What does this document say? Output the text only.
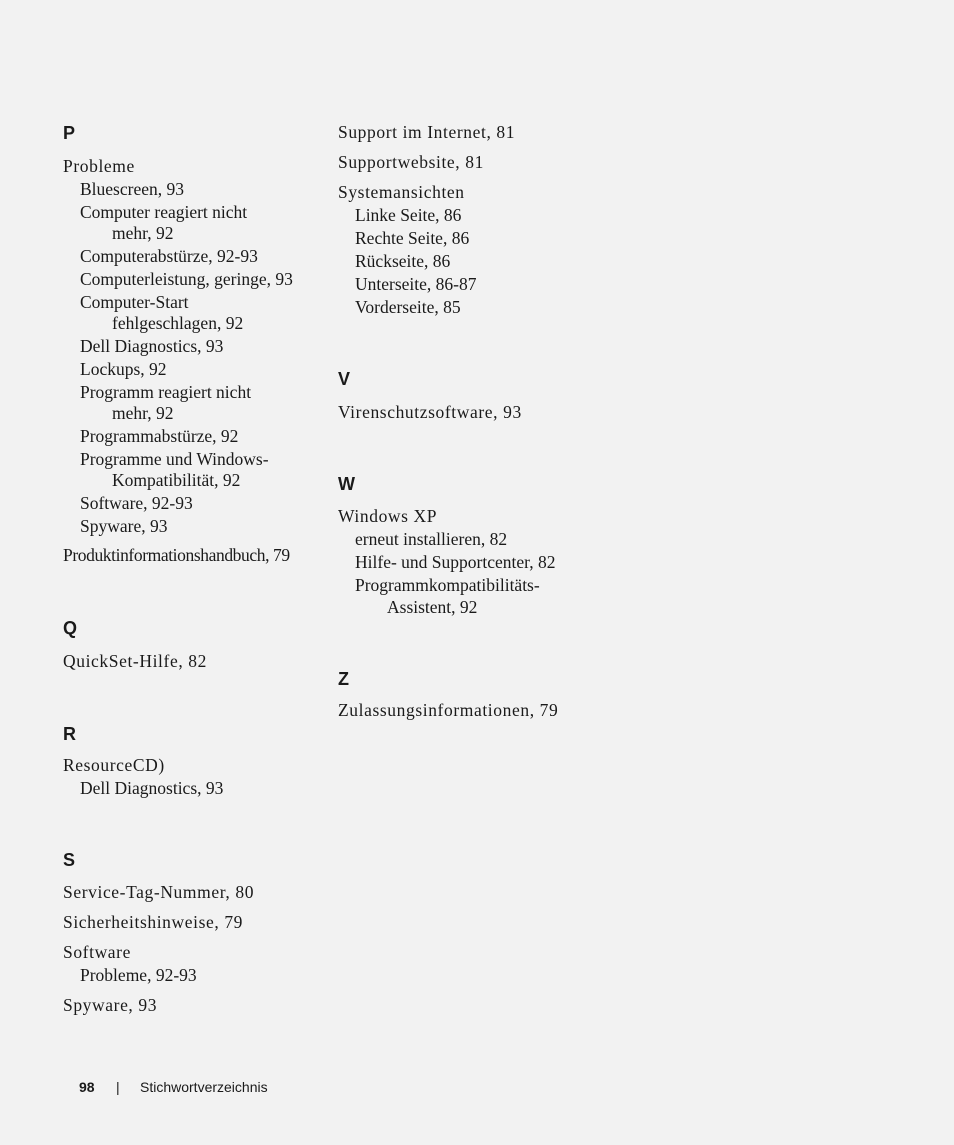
P
Probleme
Bluescreen, 93
Computer reagiert nicht
mehr, 92
Computerabstürze, 92-93
Computerleistung, geringe, 93
Computer-Start
fehlgeschlagen, 92
Dell Diagnostics, 93
Lockups, 92
Programm reagiert nicht
mehr, 92
Programmabstürze, 92
Programme und Windows-
Kompatibilität, 92
Software, 92-93
Spyware, 93
Produktinformationshandbuch, 79
Q
QuickSet-Hilfe, 82
R
ResourceCD)
Dell Diagnostics, 93
S
Service-Tag-Nummer, 80
Sicherheitshinweise, 79
Software
Probleme, 92-93
Spyware, 93
Support im Internet, 81
Supportwebsite, 81
Systemansichten
Linke Seite, 86
Rechte Seite, 86
Rückseite, 86
Unterseite, 86-87
Vorderseite, 85
V
Virenschutzsoftware, 93
W
Windows XP
erneut installieren, 82
Hilfe- und Supportcenter, 82
Programmkompatibilitäts-
Assistent, 92
Z
Zulassungsinformationen, 79
98 | Stichwortverzeichnis
